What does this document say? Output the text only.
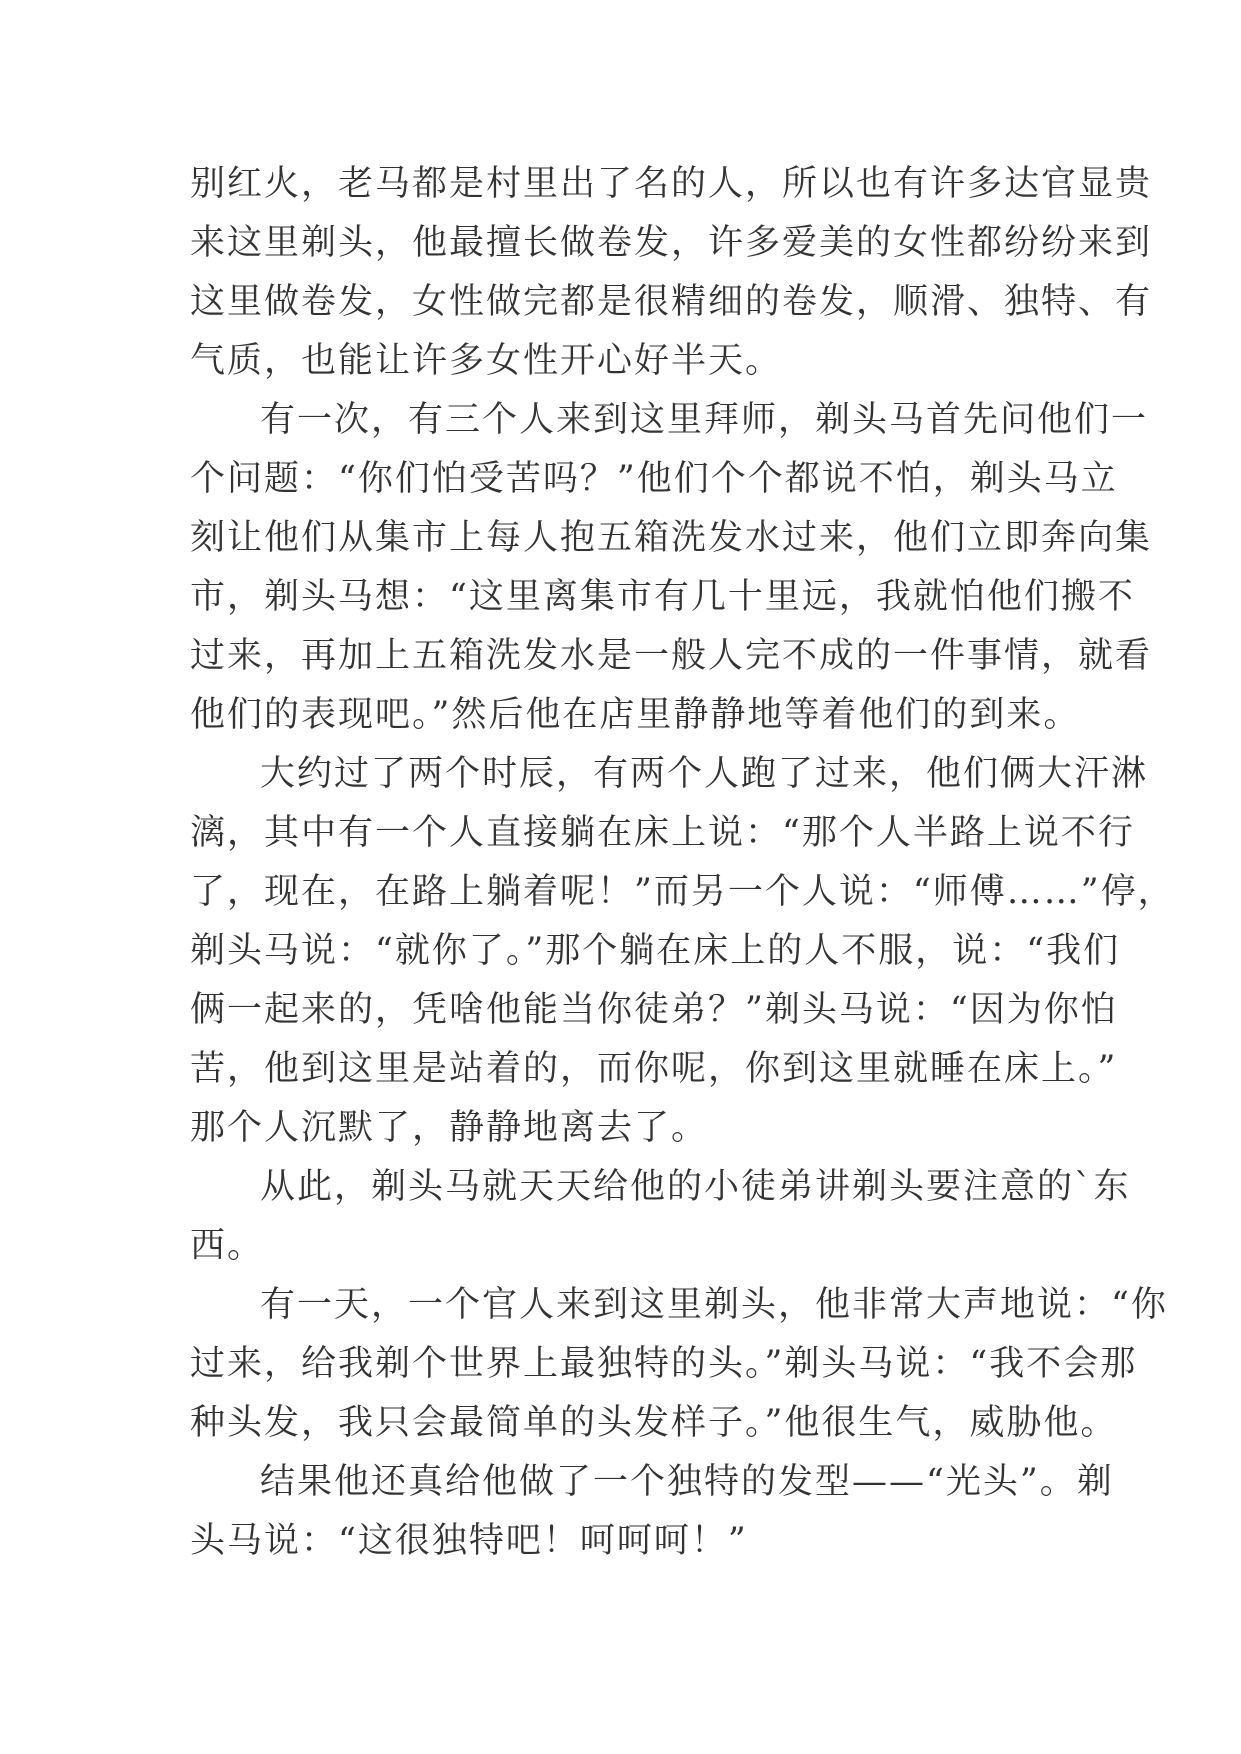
别红火，老马都是村里出了名的人，所以也有许多达官显贵
来这里剃头，他最擅长做卷发，许多爱美的女性都纷纷来到
这里做卷发，女性做完都是很精细的卷发，顺滑、独特、有
气质，也能让许多女性开心好半天。
有一次，有三个人来到这里拜师，剃头马首先问他们一
个问题：“你们怕受苦吗？”他们个个都说不怕，剃头马立
刻让他们从集市上每人抱五箱洗发水过来，他们立即奔向集
市，剃头马想：“这里离集市有几十里远，我就怕他们搬不
过来，再加上五箱洗发水是一般人完不成的一件事情，就看
他们的表现吧。”然后他在店里静静地等着他们的到来。
大约过了两个时辰，有两个人跑了过来，他们俩大汗淋
漓，其中有一个人直接躺在床上说：“那个人半路上说不行
了，现在，在路上躺着呢！”而另一个人说：“师傅……”停，
剃头马说：“就你了。”那个躺在床上的人不服，说：“我们
俩一起来的，凭啥他能当你徒弟？”剃头马说：“因为你怕
苦，他到这里是站着的，而你呢，你到这里就睡在床上。”
那个人沉默了，静静地离去了。
从此，剃头马就天天给他的小徒弟讲剃头要注意的`东
西。
有一天，一个官人来到这里剃头，他非常大声地说：“你
过来，给我剃个世界上最独特的头。”剃头马说：“我不会那
种头发，我只会最简单的头发样子。”他很生气，威胁他。
结果他还真给他做了一个独特的发型——“光头”。剃
头马说：“这很独特吧！呵呵呵！”
